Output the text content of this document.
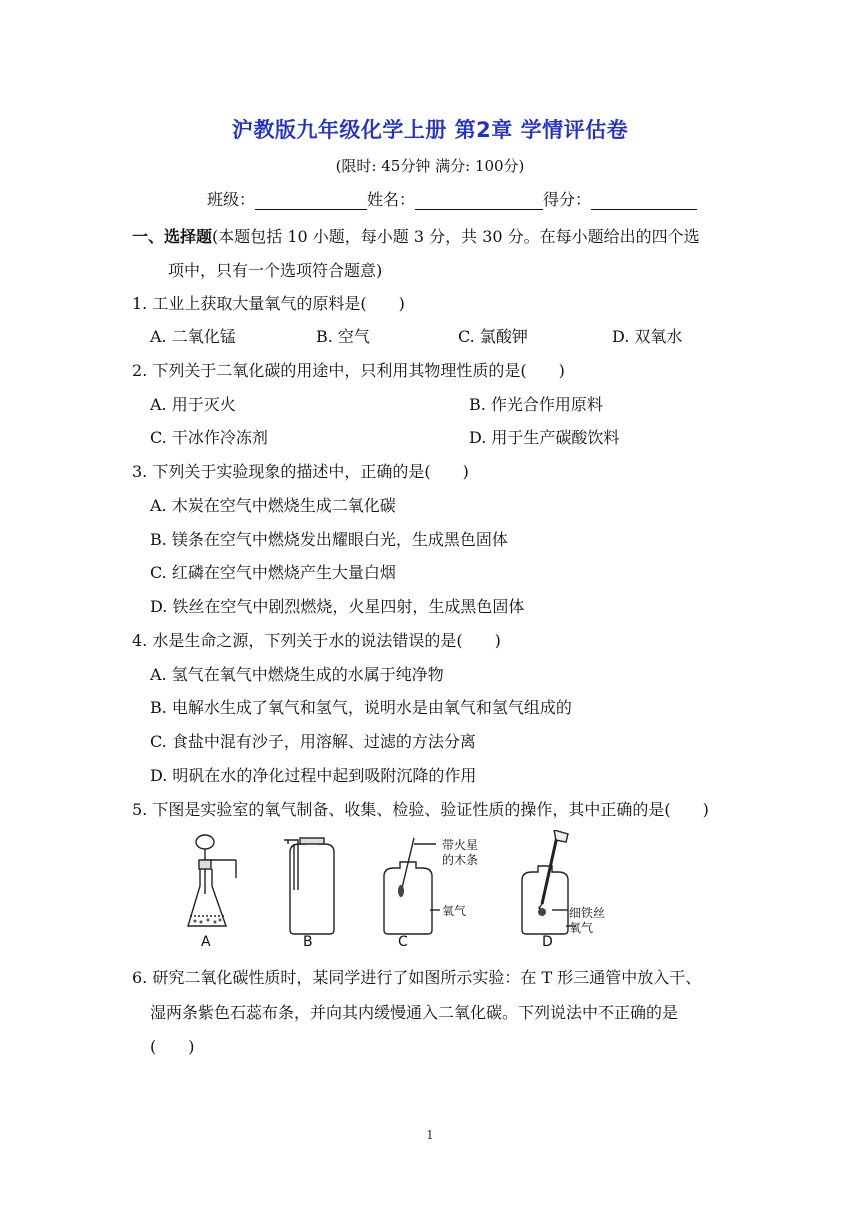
沪教版九年级化学上册 第2章 学情评估卷
(限时: 45分钟 满分: 100分)
班级：	姓名：	得分：
一、选择题(本题包括 10 小题，每小题 3 分，共 30 分。在每小题给出的四个选
项中，只有一个选项符合题意)
1. 工业上获取大量氧气的原料是(　　)
A. 二氧化锰	B. 空气	C. 氯酸钾	D. 双氧水
2. 下列关于二氧化碳的用途中，只利用其物理性质的是(　　)
A. 用于灭火	B. 作光合作用原料
C. 干冰作冷冻剂	D. 用于生产碳酸饮料
3. 下列关于实验现象的描述中，正确的是(　　)
A. 木炭在空气中燃烧生成二氧化碳
B. 镁条在空气中燃烧发出耀眼白光，生成黑色固体
C. 红磷在空气中燃烧产生大量白烟
D. 铁丝在空气中剧烈燃烧，火星四射，生成黑色固体
4. 水是生命之源，下列关于水的说法错误的是(　　)
A. 氢气在氧气中燃烧生成的水属于纯净物
B. 电解水生成了氧气和氢气，说明水是由氧气和氢气组成的
C. 食盐中混有沙子，用溶解、过滤的方法分离
D. 明矾在水的净化过程中起到吸附沉降的作用
5. 下图是实验室的氧气制备、收集、检验、验证性质的操作，其中正确的是(　　)
A	B
带火星
的木条
氧气
C
细铁丝
氧气
D
6. 研究二氧化碳性质时，某同学进行了如图所示实验：在 T 形三通管中放入干、
湿两条紫色石蕊布条，并向其内缓慢通入二氧化碳。下列说法中不正确的是
(　　)
1
